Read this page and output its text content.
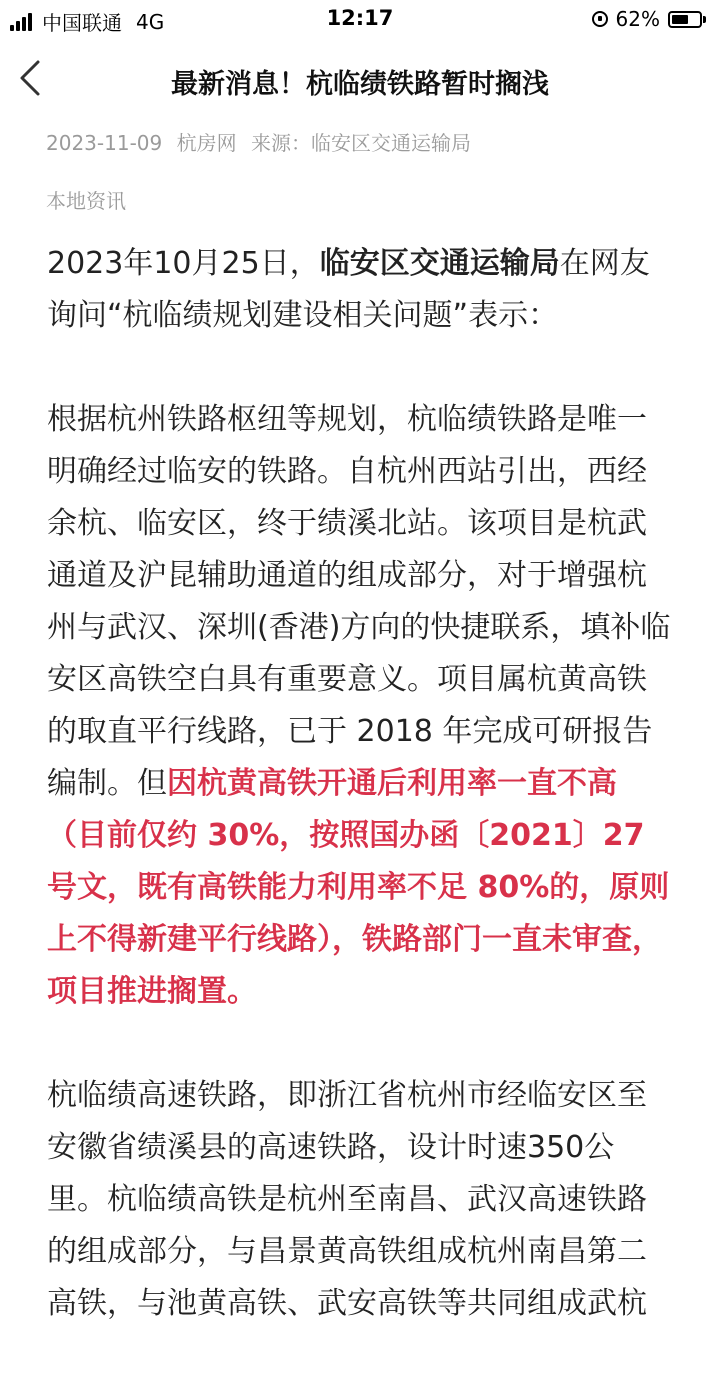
中国联通 4G	12:17	62%
最新消息！杭临绩铁路暂时搁浅
2023-11-09 杭房网 来源：临安区交通运输局
本地资讯

2023年10月25日，临安区交通运输局在网友询问“杭临绩规划建设相关问题”表示：

根据杭州铁路枢纽等规划，杭临绩铁路是唯一明确经过临安的铁路。自杭州西站引出，西经余杭、临安区，终于绩溪北站。该项目是杭武通道及沪昆辅助通道的组成部分，对于增强杭州与武汉、深圳(香港)方向的快捷联系，填补临安区高铁空白具有重要意义。项目属杭黄高铁的取直平行线路，已于 2018 年完成可研报告编制。但因杭黄高铁开通后利用率一直不高（目前仅约 30%，按照国办函〔2021〕27 号文，既有高铁能力利用率不足 80%的，原则上不得新建平行线路），铁路部门一直未审查，项目推进搁置。

杭临绩高速铁路，即浙江省杭州市经临安区至安徽省绩溪县的高速铁路，设计时速350公里。杭临绩高铁是杭州至南昌、武汉高速铁路的组成部分，与昌景黄高铁组成杭州南昌第二高铁，与池黄高铁、武安高铁等共同组成武杭
